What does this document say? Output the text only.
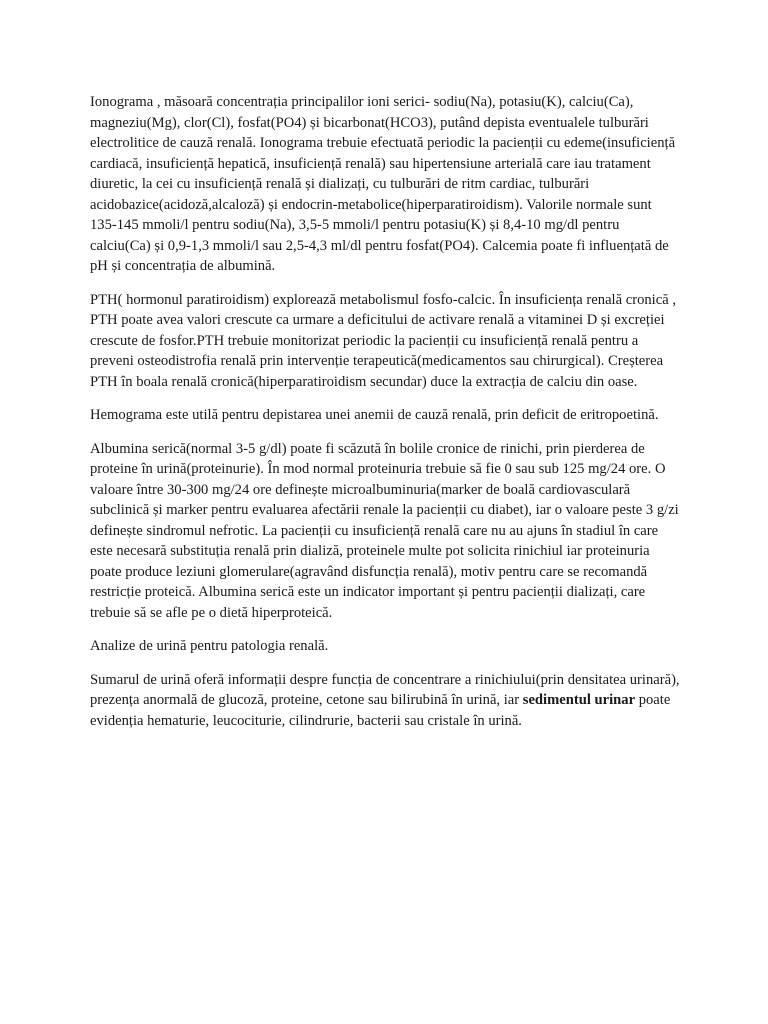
Ionograma , măsoară concentrația principalilor ioni serici- sodiu(Na), potasiu(K), calciu(Ca), magneziu(Mg), clor(Cl), fosfat(PO4) și bicarbonat(HCO3), putând depista eventualele tulburări electrolitice de cauză renală. Ionograma trebuie efectuată periodic la pacienții cu edeme(insuficiență cardiacă, insuficiență hepatică, insuficiență renală) sau hipertensiune arterială care iau tratament diuretic, la cei cu insuficiență renală și dializați, cu tulburări de ritm cardiac, tulburări acidobazice(acidoză,alcaloză) și endocrin-metabolice(hiperparatiroidism). Valorile normale sunt 135-145 mmoli/l pentru sodiu(Na), 3,5-5 mmoli/l pentru potasiu(K) și 8,4-10 mg/dl pentru calciu(Ca) și 0,9-1,3 mmoli/l sau 2,5-4,3 ml/dl pentru fosfat(PO4). Calcemia poate fi influențată de pH și concentrația de albumină.

PTH( hormonul paratiroidism) explorează metabolismul fosfo-calcic. În insuficiența renală cronică , PTH poate avea valori crescute ca urmare a deficitului de activare renală a vitaminei D și excreției crescute de fosfor.PTH trebuie monitorizat periodic la pacienții cu insuficiență renală pentru a preveni osteodistrofia renală prin intervenție terapeutică(medicamentos sau chirurgical). Creșterea PTH în boala renală cronică(hiperparatiroidism secundar) duce la extracția de calciu din oase.

Hemograma este utilă pentru depistarea unei anemii de cauză renală, prin deficit de eritropoetină.

Albumina serică(normal 3-5 g/dl) poate fi scăzută în bolile cronice de rinichi, prin pierderea de proteine în urină(proteinurie). În mod normal proteinuria trebuie să fie 0 sau sub 125 mg/24 ore. O valoare între 30-300 mg/24 ore definește microalbuminuria(marker de boală cardiovasculară subclinică și marker pentru evaluarea afectării renale la pacienții cu diabet), iar o valoare peste 3 g/zi definește sindromul nefrotic. La pacienții cu insuficiență renală care nu au ajuns în stadiul în care este necesară substituția renală prin dializă, proteinele multe pot solicita rinichiul iar proteinuria poate produce leziuni glomerulare(agravând disfuncția renală), motiv pentru care se recomandă restricție proteică. Albumina serică este un indicator important și pentru pacienții dializați, care trebuie să se afle pe o dietă hiperproteică.

Analize de urină pentru patologia renală.

Sumarul de urină oferă informații despre funcția de concentrare a rinichiului(prin densitatea urinară), prezența anormală de glucoză, proteine, cetone sau bilirubină în urină, iar sedimentul urinar poate evidenția hematurie, leucociturie, cilindrurie, bacterii sau cristale în urină.
